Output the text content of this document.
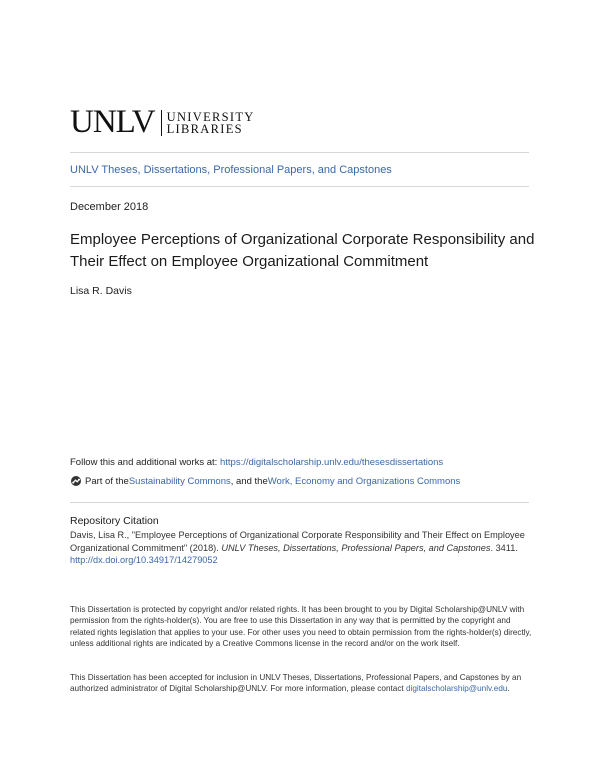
UNLV UNIVERSITY
LIBRARIES
UNLV Theses, Dissertations, Professional Papers, and Capstones
December 2018
Employee Perceptions of Organizational Corporate Responsibility and Their Effect on Employee Organizational Commitment
Lisa R. Davis
Follow this and additional works at: https://digitalscholarship.unlv.edu/thesesdissertations
Part of the Sustainability Commons , and the Work, Economy and Organizations Commons
Repository Citation
Davis, Lisa R., "Employee Perceptions of Organizational Corporate Responsibility and Their Effect on Employee Organizational Commitment" (2018). UNLV Theses, Dissertations, Professional Papers, and Capstones. 3411.
http://dx.doi.org/10.34917/14279052
This Dissertation is protected by copyright and/or related rights. It has been brought to you by Digital Scholarship@UNLV with permission from the rights-holder(s). You are free to use this Dissertation in any way that is permitted by the copyright and related rights legislation that applies to your use. For other uses you need to obtain permission from the rights-holder(s) directly, unless additional rights are indicated by a Creative Commons license in the record and/or on the work itself.
This Dissertation has been accepted for inclusion in UNLV Theses, Dissertations, Professional Papers, and Capstones by an authorized administrator of Digital Scholarship@UNLV. For more information, please contact digitalscholarship@unlv.edu.
